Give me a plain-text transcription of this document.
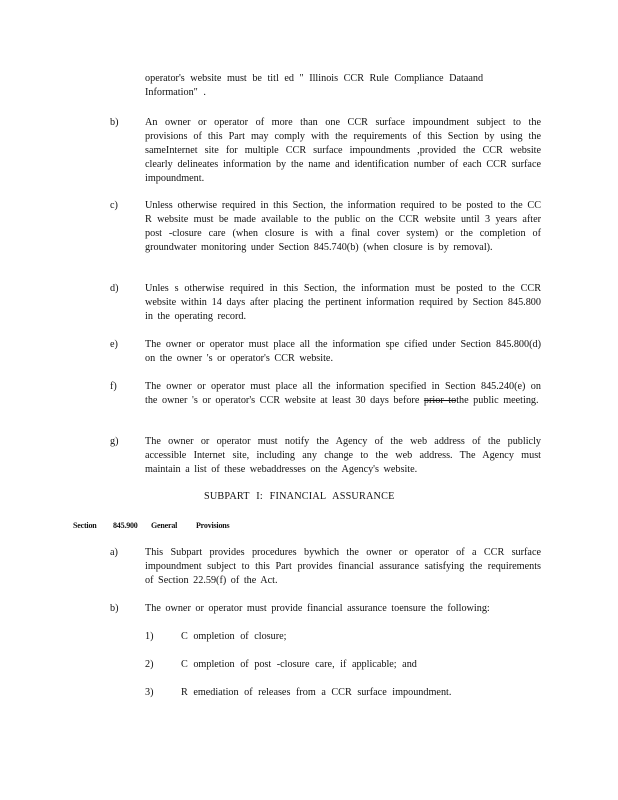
operator's website must be titl ed " Illinois CCR Rule Compliance Dataand Information" .
b)	An owner or operator of more than one CCR surface impoundment subject to the provisions of this Part may comply with the requirements of this Section by using the sameInternet site for multiple CCR surface impoundments ,provided the CCR website clearly delineates information by the name and identification number of each CCR surface impoundment.
c)	Unless otherwise required in this Section, the information required to be posted to the CC R website must be made available to the public on the CCR website until 3 years after post -closure care (when closure is with a final cover system) or the completion of groundwater monitoring under Section 845.740(b) (when closure is by removal).
d)	Unles s otherwise required in this Section, the information must be posted to the CCR website within 14 days after placing the pertinent information required by Section 845.800 in the operating record.
e)	The owner or operator must place all the information spe cified under Section 845.800(d) on the owner 's or operator's CCR website.
f)	The owner or operator must place all the information specified in Section 845.240(e) on the owner 's or operator's CCR website at least 30 days before prior tothe public meeting.
g)	The owner or operator must notify the Agency of the web address of the publicly accessible Internet site, including any change to the web address. The Agency must maintain a list of these webaddresses on the Agency's website.
SUBPART I: FINANCIAL ASSURANCE
Section 845.900 General Provisions
a)	This Subpart provides procedures bywhich the owner or operator of a CCR surface impoundment subject to this Part provides financial assurance satisfying the requirements of Section 22.59(f) of the Act.
b)	The owner or operator must provide financial assurance toensure the following:
1)	C ompletion of closure;
2)	C ompletion of post -closure care, if applicable; and
3)	R emediation of releases from a CCR surface impoundment.
